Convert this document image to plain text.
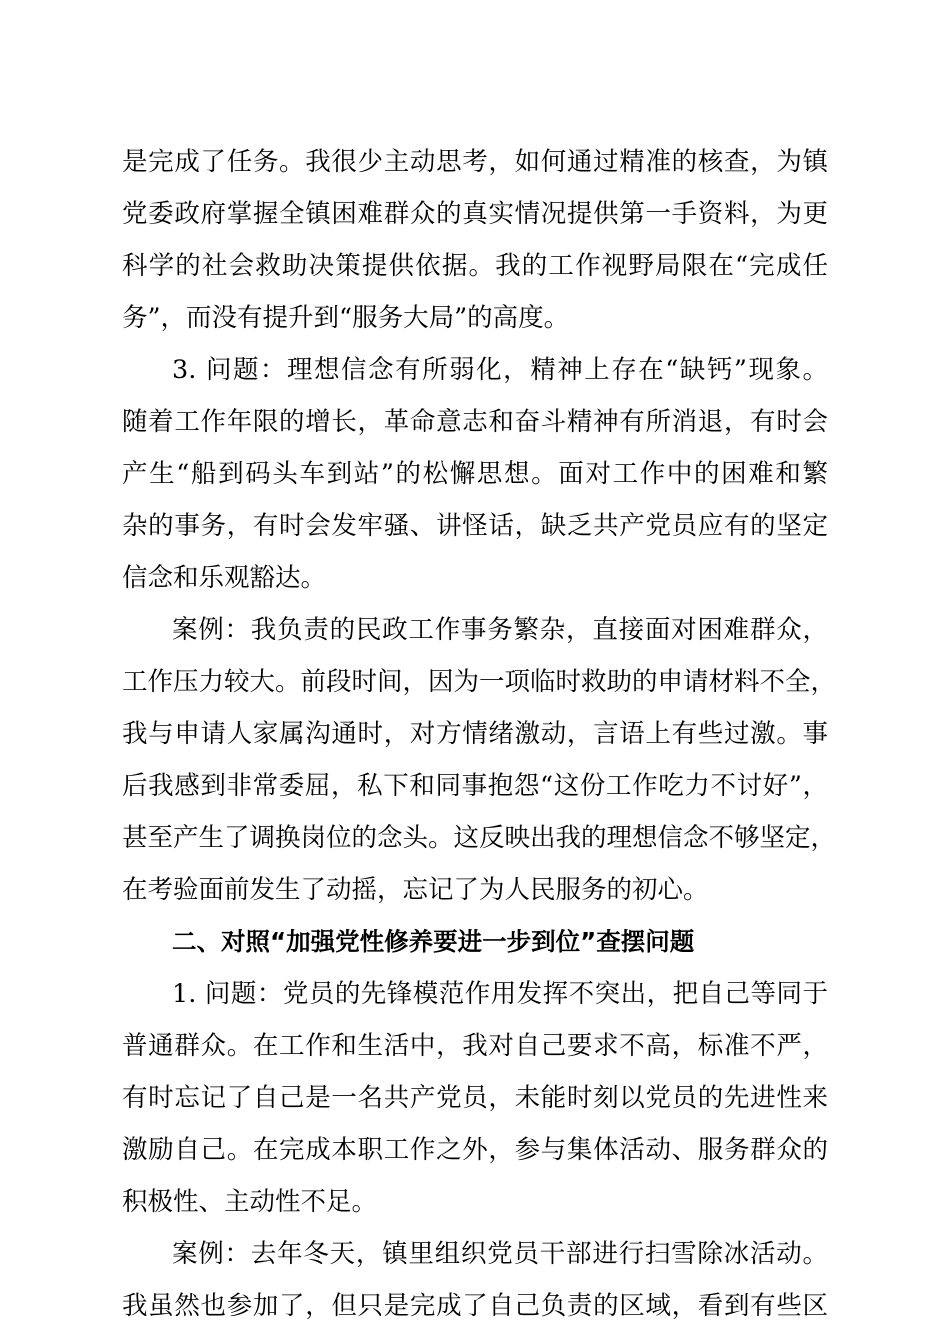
是完成了任务。我很少主动思考，如何通过精准的核查，为镇
党委政府掌握全镇困难群众的真实情况提供第一手资料，为更
科学的社会救助决策提供依据。我的工作视野局限在“完成任
务”，而没有提升到“服务大局”的高度。
3. 问题：理想信念有所弱化，精神上存在“缺钙”现象。
随着工作年限的增长，革命意志和奋斗精神有所消退，有时会
产生“船到码头车到站”的松懈思想。面对工作中的困难和繁
杂的事务，有时会发牢骚、讲怪话，缺乏共产党员应有的坚定
信念和乐观豁达。
案例：我负责的民政工作事务繁杂，直接面对困难群众，
工作压力较大。前段时间，因为一项临时救助的申请材料不全，
我与申请人家属沟通时，对方情绪激动，言语上有些过激。事
后我感到非常委屈，私下和同事抱怨“这份工作吃力不讨好”，
甚至产生了调换岗位的念头。这反映出我的理想信念不够坚定，
在考验面前发生了动摇，忘记了为人民服务的初心。
二、对照“加强党性修养要进一步到位”查摆问题
1. 问题：党员的先锋模范作用发挥不突出，把自己等同于
普通群众。在工作和生活中，我对自己要求不高，标准不严，
有时忘记了自己是一名共产党员，未能时刻以党员的先进性来
激励自己。在完成本职工作之外，参与集体活动、服务群众的
积极性、主动性不足。
案例：去年冬天，镇里组织党员干部进行扫雪除冰活动。
我虽然也参加了，但只是完成了自己负责的区域，看到有些区
